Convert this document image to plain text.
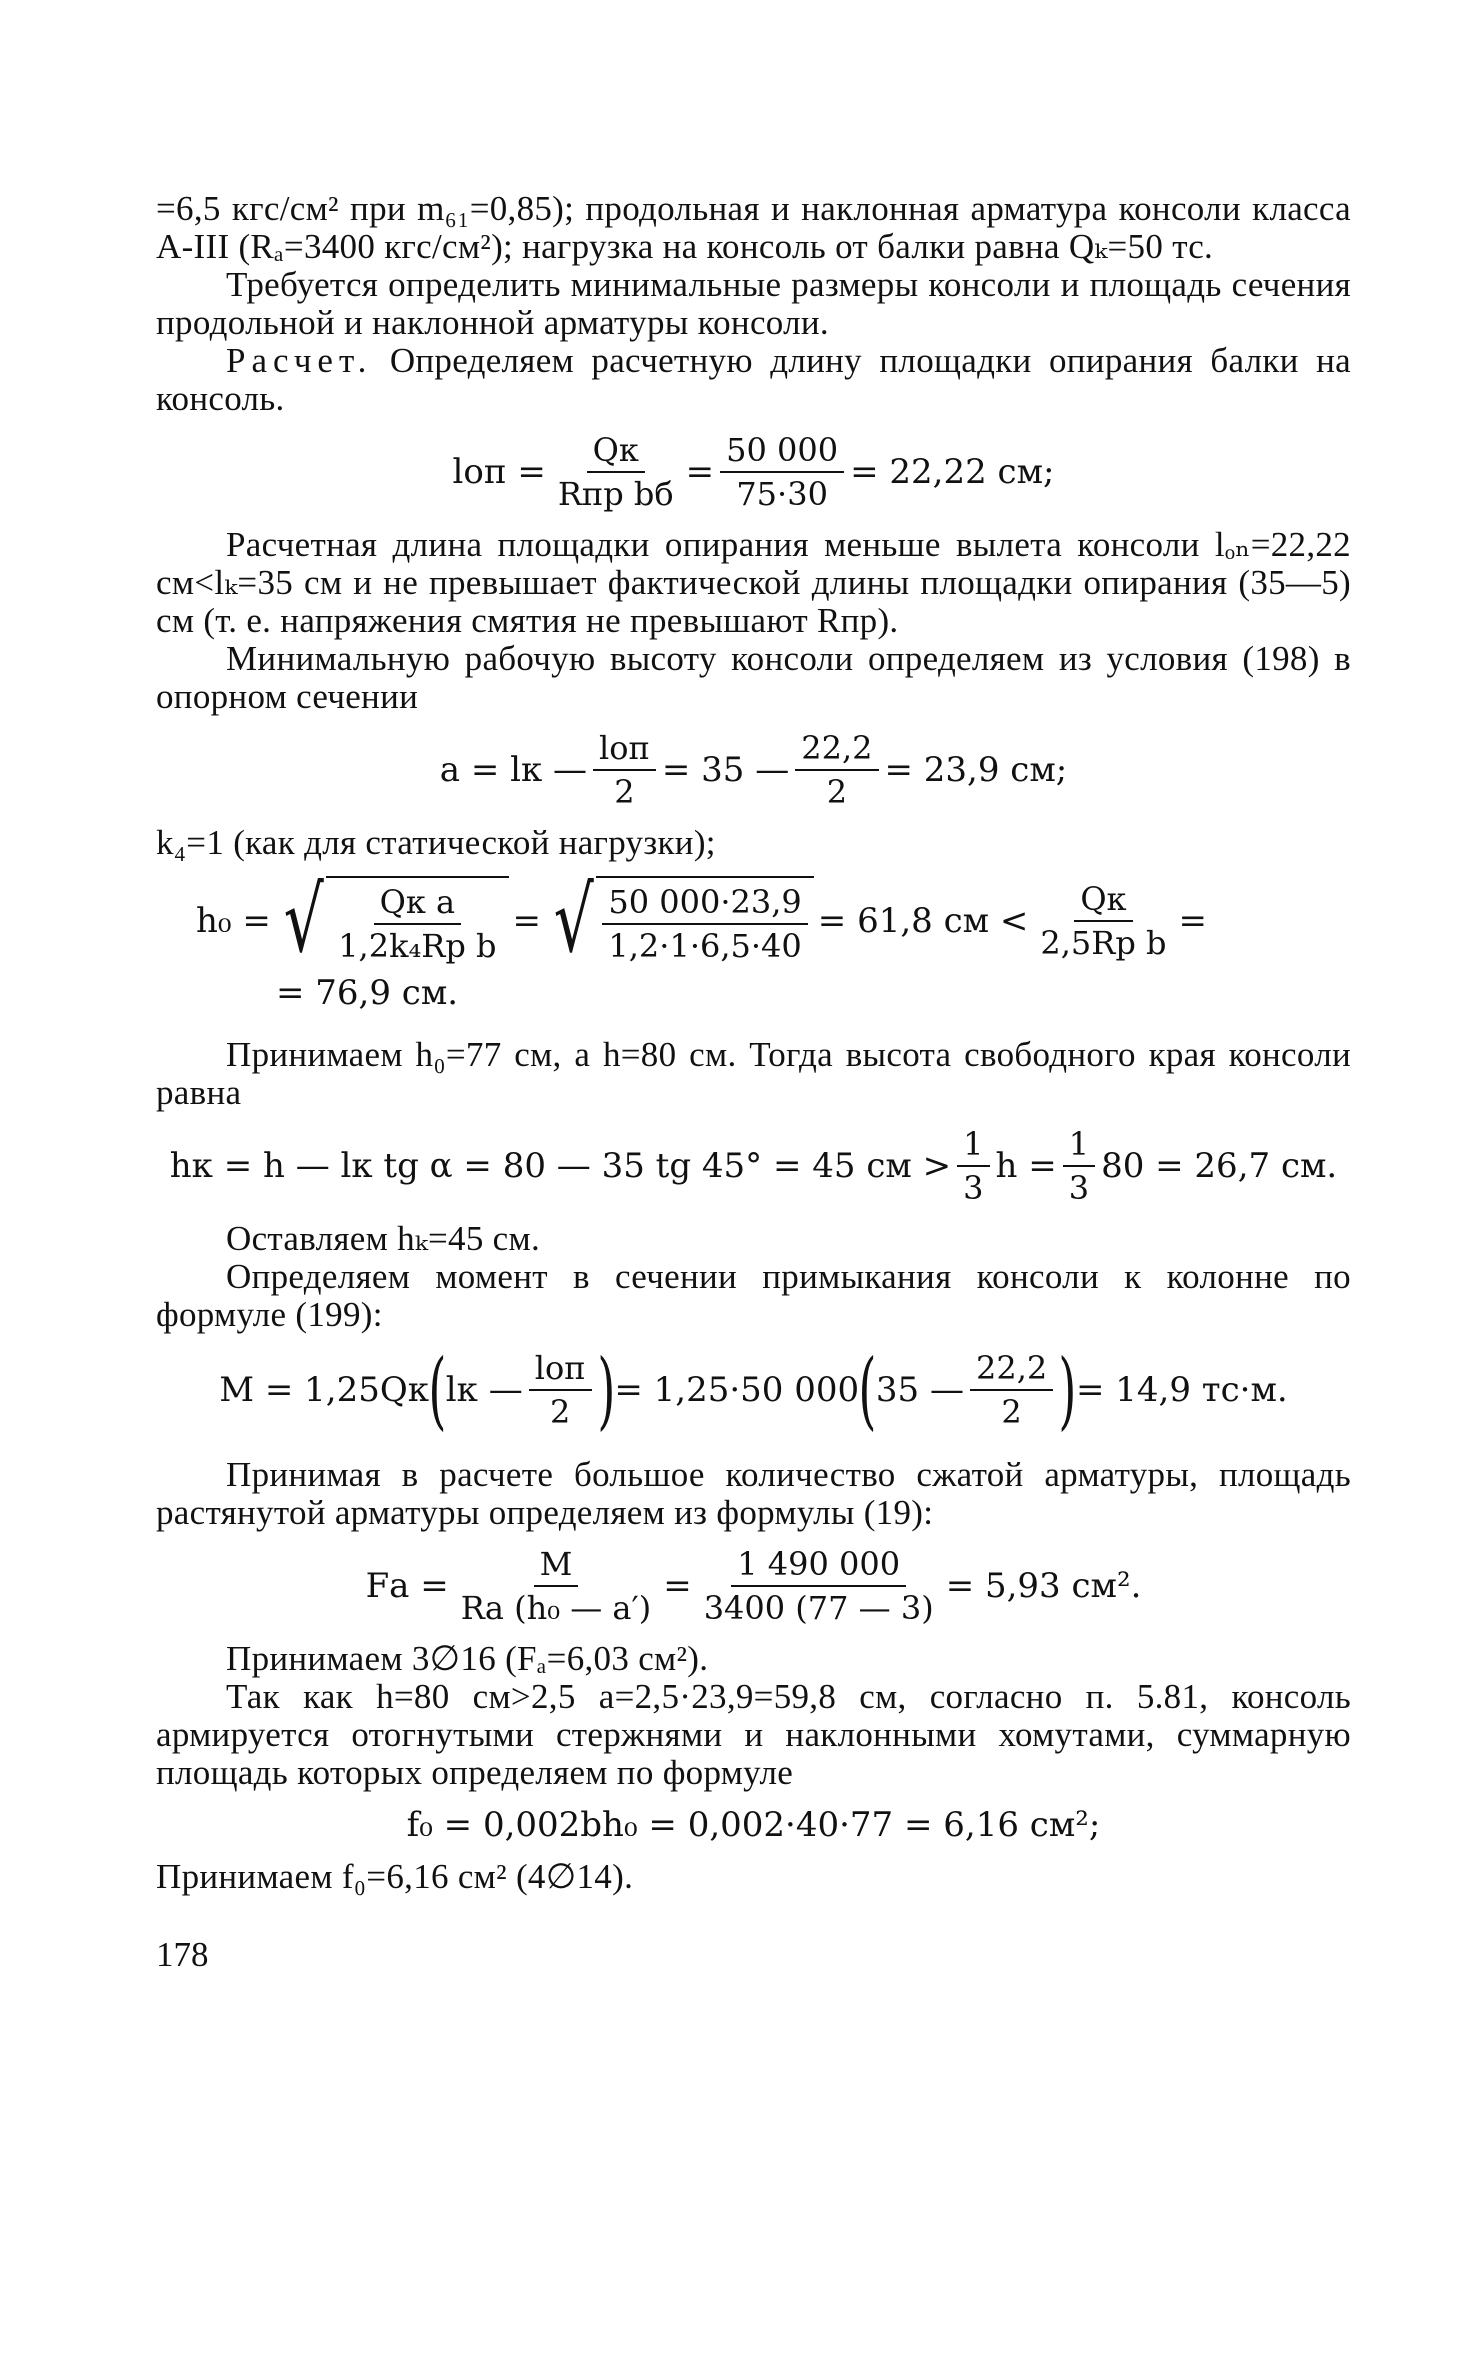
=6,5 кгс/см² при m₆₁=0,85); продольная и наклонная арматура консоли класса A-III (Rₐ=3400 кгс/см²); нагрузка на консоль от балки равна Qₖ=50 тс.

Требуется определить минимальные размеры консоли и площадь сечения продольной и наклонной арматуры консоли.

Расчет. Определяем расчетную длину площадки опирания балки на консоль.

lоп = $\frac{Qк}{\text{Rпр bб}} = \frac{50 000}{75\cdot 30} = 22,22$ см;

Расчетная длина площадки опирания меньше вылета консоли lₒₙ=22,22 см<lₖ=35 см и не превышает фактической длины площадки опирания (35—5) см (т. е. напряжения смятия не превышают Rпр).

Минимальную рабочую высоту консоли определяем из условия (198) в опорном сечении

a = lк — $\frac{\text{lоп}}{2} = 35$ — $\frac{22,2}{2} = 23,9$ см;

k₄=1 (как для статической нагрузки);

h₀ = √ $\frac{\text{Qк a}}{\text{1,2k₄Rр b}}$ = √ $\frac{50 000\cdot 23,9}{1,2\cdot 1\cdot 6,5\cdot 40} = 61,8$ см < $\frac{Qк}{\text{2,5Rр b}}$ =
= 76,9 см.

Принимаем h₀=77 см, а h=80 см. Тогда высота свободного края консоли равна

hк = h — lк tg α = 80 — 35 tg 45° = 45 см > $\frac{1}{3}$ $h = \frac{1}{3} 80 = 26,7$ см.

Оставляем hₖ=45 см.

Определяем момент в сечении примыкания консоли к колонне по формуле (199):

M = 1,25Qк ( lк — $\frac{\text{lоп}}{2}$ ) = 1,25·50 000 ( 35 — $\frac{22,2}{2}$ ) = 14,9 тс·м.

Принимая в расчете большое количество сжатой арматуры, площадь растянутой арматуры определяем из формулы (19):

Fа = $\frac{M}{\text{Rа (h₀ — a′)}} = \frac{1 490 000}{3400 (77 — 3)} = 5,93$ см².

Принимаем 3∅16 (Fₐ=6,03 см²).

Так как h=80 см>2,5 a=2,5·23,9=59,8 см, согласно п. 5.81, консоль армируется отогнутыми стержнями и наклонными хомутами, суммарную площадь которых определяем по формуле

f₀ = 0,002bh₀ = 0,002·40·77 = 6,16 см²;

Принимаем f₀=6,16 см² (4∅14).

178
